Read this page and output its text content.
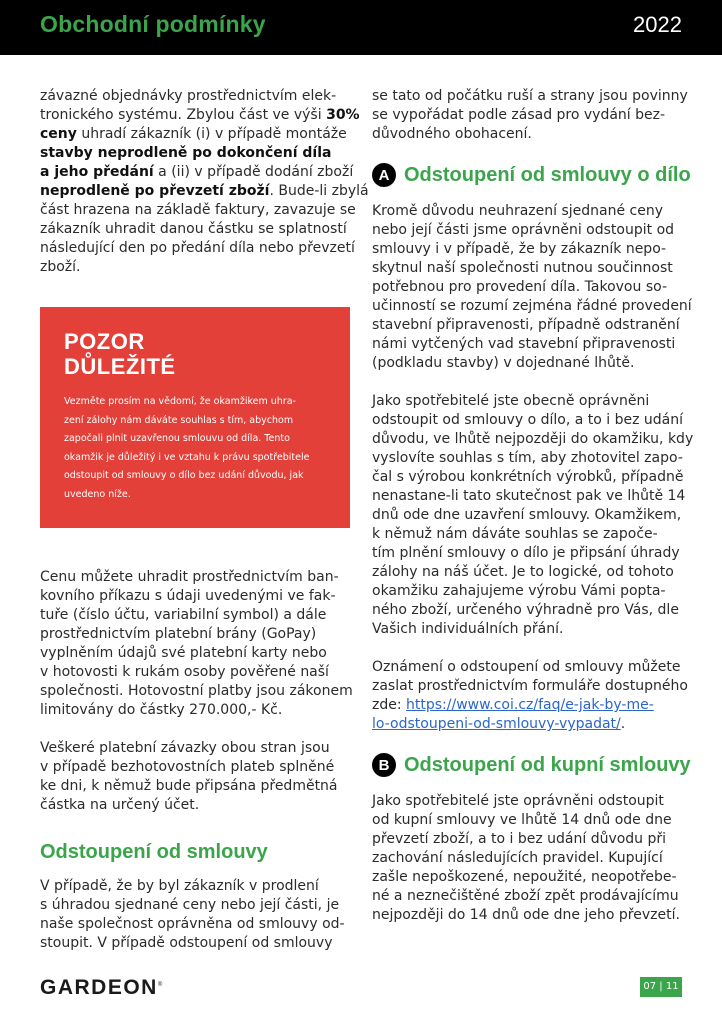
Obchodní podmínky	2022

závazné objednávky prostřednictvím elek-
tronického systému. Zbylou část ve výši 30%
ceny uhradí zákazník (i) v případě montáže
stavby neprodleně po dokončení díla
a jeho předání a (ii) v případě dodání zboží
neprodleně po převzetí zboží. Bude-li zbylá
část hrazena na základě faktury, zavazuje se
zákazník uhradit danou částku se splatností
následující den po předání díla nebo převzetí
zboží.

POZOR
DŮLEŽITÉ
Vezměte prosím na vědomí, že okamžikem uhra-
zení zálohy nám dáváte souhlas s tím, abychom
započali plnit uzavřenou smlouvu od díla. Tento
okamžik je důležitý i ve vztahu k právu spotřebitele
odstoupit od smlouvy o dílo bez udání důvodu, jak
uvedeno níže.

Cenu můžete uhradit prostřednictvím ban-
kovního příkazu s údaji uvedenými ve fak-
tuře (číslo účtu, variabilní symbol) a dále
prostřednictvím platební brány (GoPay)
vyplněním údajů své platební karty nebo
v hotovosti k rukám osoby pověřené naší
společnosti. Hotovostní platby jsou zákonem
limitovány do částky 270.000,- Kč.

Veškeré platební závazky obou stran jsou
v případě bezhotovostních plateb splněné
ke dni, k němuž bude připsána předmětná
částka na určený účet.

Odstoupení od smlouvy

V případě, že by byl zákazník v prodlení
s úhradou sjednané ceny nebo její části, je
naše společnost oprávněna od smlouvy od-
stoupit. V případě odstoupení od smlouvy

se tato od počátku ruší a strany jsou povinny
se vypořádat podle zásad pro vydání bez-
důvodného obohacení.

A Odstoupení od smlouvy o dílo

Kromě důvodu neuhrazení sjednané ceny
nebo její části jsme oprávněni odstoupit od
smlouvy i v případě, že by zákazník nepo-
skytnul naší společnosti nutnou součinnost
potřebnou pro provedení díla. Takovou so-
učinností se rozumí zejména řádné provedení
stavební připravenosti, případně odstranění
námi vytčených vad stavební připravenosti
(podkladu stavby) v dojednané lhůtě.

Jako spotřebitelé jste obecně oprávněni
odstoupit od smlouvy o dílo, a to i bez udání
důvodu, ve lhůtě nejpozději do okamžiku, kdy
vyslovíte souhlas s tím, aby zhotovitel zapo-
čal s výrobou konkrétních výrobků, případně
nenastane-li tato skutečnost pak ve lhůtě 14
dnů ode dne uzavření smlouvy. Okamžikem,
k němuž nám dáváte souhlas se započe-
tím plnění smlouvy o dílo je připsání úhrady
zálohy na náš účet. Je to logické, od tohoto
okamžiku zahajujeme výrobu Vámi popta-
ného zboží, určeného výhradně pro Vás, dle
Vašich individuálních přání.

Oznámení o odstoupení od smlouvy můžete
zaslat prostřednictvím formuláře dostupného
zde: https://www.coi.cz/faq/e-jak-by-me-
lo-odstoupeni-od-smlouvy-vypadat/.

B Odstoupení od kupní smlouvy

Jako spotřebitelé jste oprávněni odstoupit
od kupní smlouvy ve lhůtě 14 dnů ode dne
převzetí zboží, a to i bez udání důvodu při
zachování následujících pravidel. Kupující
zašle nepoškozené, nepoužité, neopotřebe-
né a neznečištěné zboží zpět prodávajícímu
nejpozději do 14 dnů ode dne jeho převzetí.

GARDEON®	07 | 11
